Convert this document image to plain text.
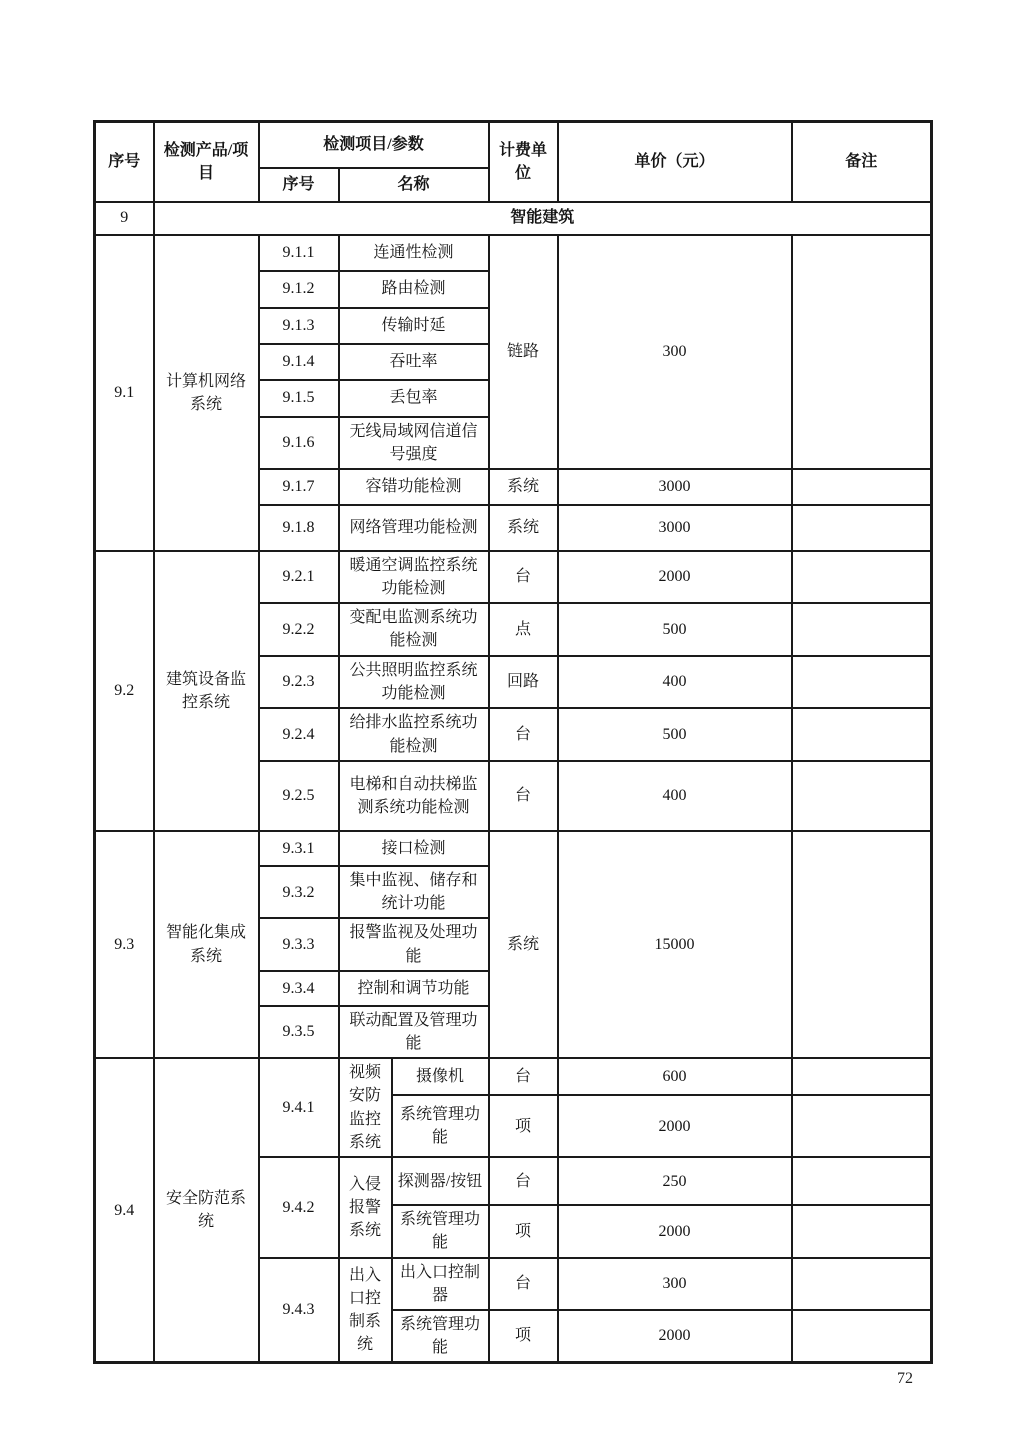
序号	检测产品/项目	检测项目/参数			计费单位	单价（元）	备注
		序号	名称				
9	智能建筑						
9.1	计算机网络系统	9.1.1	连通性检测		链路	300	
		9.1.2	路由检测				
		9.1.3	传输时延				
		9.1.4	吞吐率				
		9.1.5	丢包率				
		9.1.6	无线局域网信道信号强度				
		9.1.7	容错功能检测		系统	3000	
		9.1.8	网络管理功能检测		系统	3000	
9.2	建筑设备监控系统	9.2.1	暖通空调监控系统功能检测		台	2000	
		9.2.2	变配电监测系统功能检测		点	500	
		9.2.3	公共照明监控系统功能检测		回路	400	
		9.2.4	给排水监控系统功能检测		台	500	
		9.2.5	电梯和自动扶梯监测系统功能检测		台	400	
9.3	智能化集成系统	9.3.1	接口检测		系统	15000	
		9.3.2	集中监视、储存和统计功能				
		9.3.3	报警监视及处理功能				
		9.3.4	控制和调节功能				
		9.3.5	联动配置及管理功能				
9.4	安全防范系统	9.4.1	视频安防监控系统	摄像机	台	600	
				系统管理功能	项	2000	
		9.4.2	入侵报警系统	探测器/按钮	台	250	
				系统管理功能	项	2000	
		9.4.3	出入口控制系统	出入口控制器	台	300	
				系统管理功能	项	2000	
72
